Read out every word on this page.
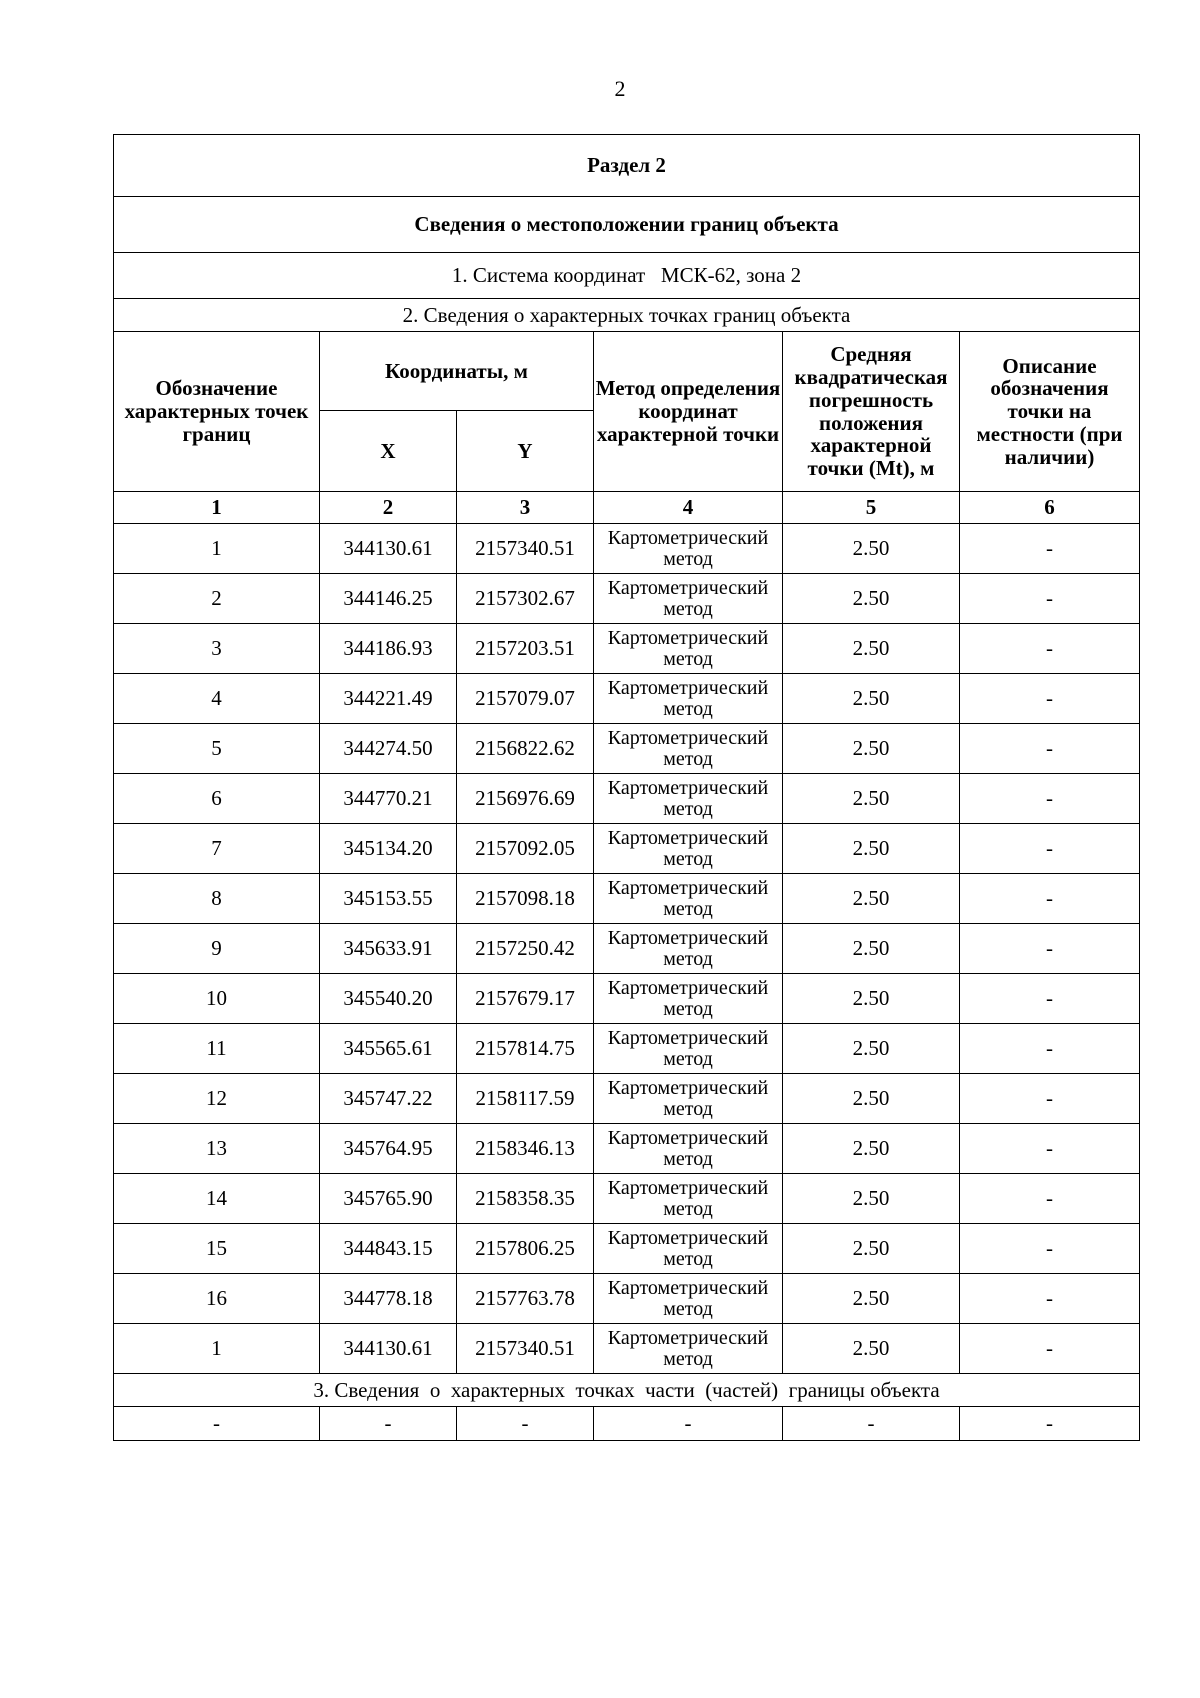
2
Раздел 2					
Сведения о местоположении границ объекта					
1. Система координат   МСК-62, зона 2					
2. Сведения о характерных точках границ объекта					
Обозначение характерных точек границ	Координаты, м		Метод определения координат характерной точки	Средняя квадратическая погрешность положения характерной точки (Mt), м	Описание обозначения точки на местности (при наличии)
	X	Y			
1	2	3	4	5	6
1	344130.61	2157340.51	Картометрический метод	2.50	-
2	344146.25	2157302.67	Картометрический метод	2.50	-
3	344186.93	2157203.51	Картометрический метод	2.50	-
4	344221.49	2157079.07	Картометрический метод	2.50	-
5	344274.50	2156822.62	Картометрический метод	2.50	-
6	344770.21	2156976.69	Картометрический метод	2.50	-
7	345134.20	2157092.05	Картометрический метод	2.50	-
8	345153.55	2157098.18	Картометрический метод	2.50	-
9	345633.91	2157250.42	Картометрический метод	2.50	-
10	345540.20	2157679.17	Картометрический метод	2.50	-
11	345565.61	2157814.75	Картометрический метод	2.50	-
12	345747.22	2158117.59	Картометрический метод	2.50	-
13	345764.95	2158346.13	Картометрический метод	2.50	-
14	345765.90	2158358.35	Картометрический метод	2.50	-
15	344843.15	2157806.25	Картометрический метод	2.50	-
16	344778.18	2157763.78	Картометрический метод	2.50	-
1	344130.61	2157340.51	Картометрический метод	2.50	-
3. Сведения  о  характерных  точках  части  (частей)  границы объекта					
-	-	-	-	-	-
